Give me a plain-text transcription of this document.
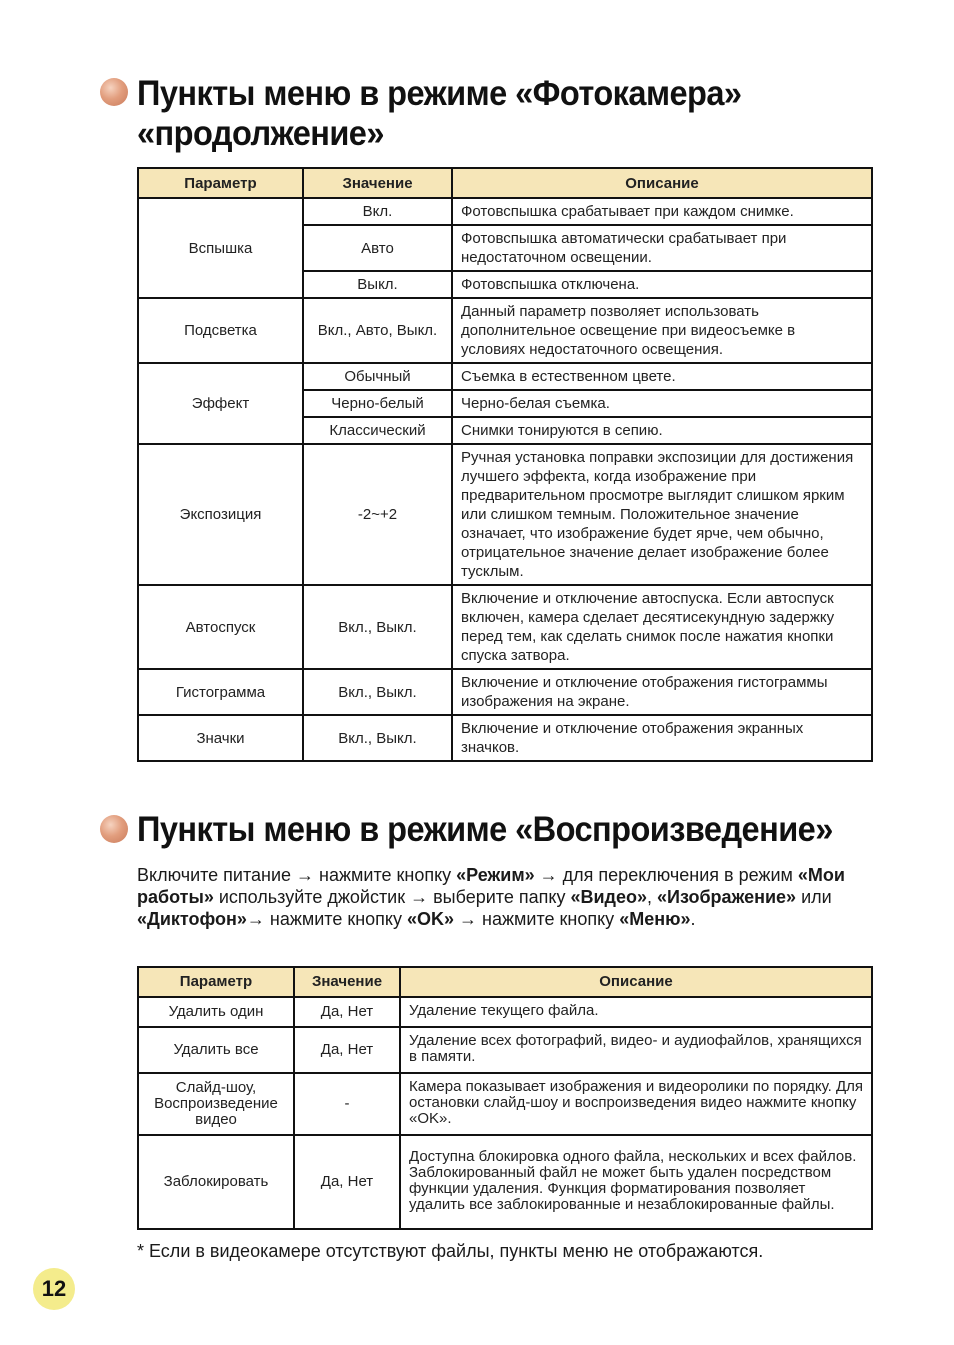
Пункты меню в режиме «Фотокамера»
«продолжение»
Параметр	Значение	Описание
Вспышка	Вкл.	Фотовспышка срабатывает при каждом снимке.
	Авто	Фотовспышка автоматически срабатывает при недостаточном освещении.
	Выкл.	Фотовспышка отключена.
Подсветка	Вкл., Авто, Выкл.	Данный параметр позволяет использовать дополнительное освещение при видеосъемке в условиях недостаточного освещения.
Эффект	Обычный	Съемка в естественном цвете.
	Черно-белый	Черно-белая съемка.
	Классический	Снимки тонируются в сепию.
Экспозиция	-2~+2	Ручная установка поправки экспозиции для достижения лучшего эффекта, когда изображение при предварительном просмотре выглядит слишком ярким или слишком темным. Положительное значение означает, что изображение будет ярче, чем обычно, отрицательное значение делает изображение более тусклым.
Автоспуск	Вкл., Выкл.	Включение и отключение автоспуска. Если автоспуск включен, камера сделает десятисекундную задержку перед тем, как сделать снимок после нажатия кнопки спуска затвора.
Гистограмма	Вкл., Выкл.	Включение и отключение отображения гистограммы изображения на экране.
Значки	Вкл., Выкл.	Включение и отключение отображения экранных значков.
Пункты меню в режиме «Воспроизведение»

Включите питание → нажмите кнопку «Режим» → для переключения в режим «Мои работы» используйте джойстик → выберите папку «Видео», «Изображение» или «Диктофон»→ нажмите кнопку «OK» → нажмите кнопку «Меню».

Параметр	Значение	Описание
Удалить один	Да, Нет	Удаление текущего файла.
Удалить все	Да, Нет	Удаление всех фотографий, видео- и аудиофайлов, хранящихся в памяти.
Слайд-шоу, Воспроизведение видео	-	Камера показывает изображения и видеоролики по порядку. Для остановки слайд-шоу и воспроизведения видео нажмите кнопку «OK».
Заблокировать	Да, Нет	Доступна блокировка одного файла, нескольких и всех файлов. Заблокированный файл не может быть удален посредством функции удаления. Функция форматирования позволяет удалить все заблокированные и незаблокированные файлы.

* Если в видеокамере отсутствуют файлы, пункты меню не отображаются.

12
